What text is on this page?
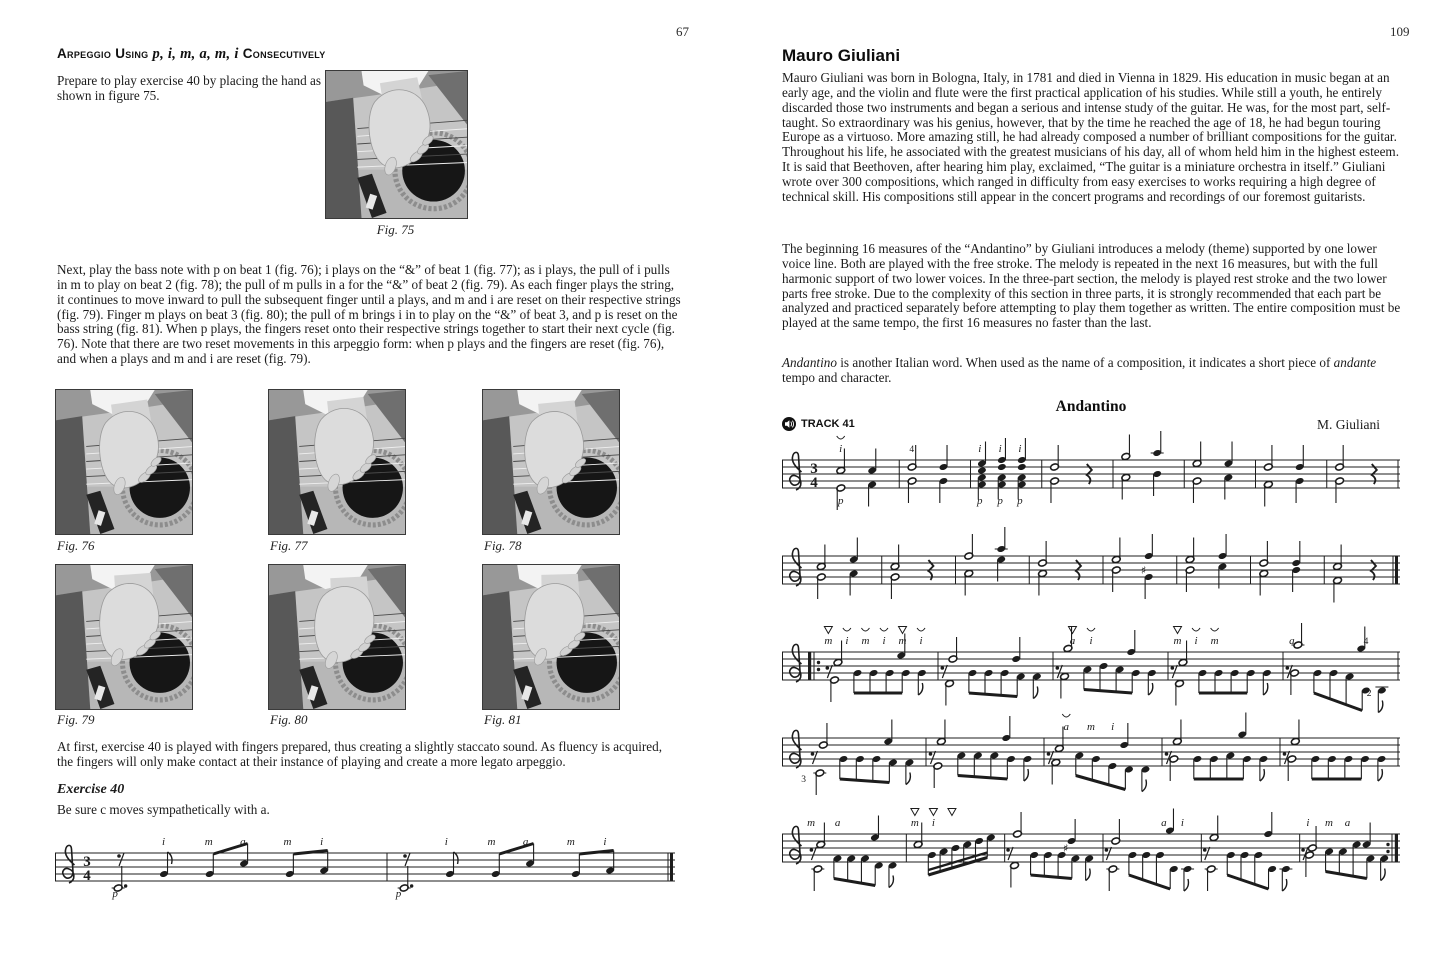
67
Arpeggio Using p, i, m, a, m, i Consecutively
Prepare to play exercise 40 by placing the hand as shown in figure 75.
Fig. 75
Next, play the bass note with p on beat 1 (fig. 76); i plays on the “&” of beat 1 (fig. 77); as i plays, the pull of i pulls in m to play on beat 2 (fig. 78); the pull of m pulls in a for the “&” of beat 2 (fig. 79). As each finger plays the string, it continues to move inward to pull the subsequent finger until a plays, and m and i are reset on their respective strings (fig. 79). Finger m plays on beat 3 (fig. 80); the pull of m brings i in to play on the “&” of beat 3, and p is reset on the bass string (fig. 81). When p plays, the fingers reset onto their respective strings together to start their next cycle (fig. 76). Note that there are two reset movements in this arpeggio form: when p plays and the fingers are reset (fig. 76), and when a plays and m and i are reset (fig. 79).
Fig. 76	Fig. 77	Fig. 78
Fig. 79	Fig. 80	Fig. 81
At first, exercise 40 is played with fingers prepared, thus creating a slightly staccato sound. As fluency is acquired, the fingers will only make contact at their instance of playing and create a more legato arpeggio.
Exercise 40
Be sure c moves sympathetically with a.
3
4
p
i	m a	m	i
p
i	m a	m	i
109
Mauro Giuliani
Mauro Giuliani was born in Bologna, Italy, in 1781 and died in Vienna in 1829. His education in music began at an early age, and the violin and flute were the first practical application of his studies. While still a youth, he entirely discarded those two instruments and began a serious and intense study of the guitar. He was, for the most part, self-taught. So extraordinary was his genius, however, that by the time he reached the age of 18, he had begun touring Europe as a virtuoso. More amazing still, he had already composed a number of brilliant compositions for the guitar. Throughout his life, he associated with the greatest musicians of his day, all of whom held him in the highest esteem. It is said that Beethoven, after hearing him play, exclaimed, “The guitar is a miniature orchestra in itself.” Giuliani wrote over 300 compositions, which ranged in difficulty from easy exercises to works requiring a high degree of technical skill. His compositions still appear in the concert programs and recordings of our foremost guitarists.
The beginning 16 measures of the “Andantino” by Giuliani introduces a melody (theme) supported by one lower voice line. Both are played with the free stroke. The melody is repeated in the next 16 measures, but with the full harmonic support of two lower voices. In the three-part section, the melody is played rest stroke and the two lower parts free stroke. Due to the complexity of this section in three parts, it is strongly recommended that each part be analyzed and practiced separately before attempting to play them together as written. The entire composition must be played at the same tempo, the first 16 measures no faster than the last.
Andantino is another Italian word. When used as the name of a composition, it indicates a short piece of andante tempo and character.
Andantino
TRACK 41	M. Giuliani
3
4
i
p
4	i i i
p p p
♯
m i m i m i	a i	m i m	a	4
2
3
a m i
♯
m a	m i	a i	i m a
